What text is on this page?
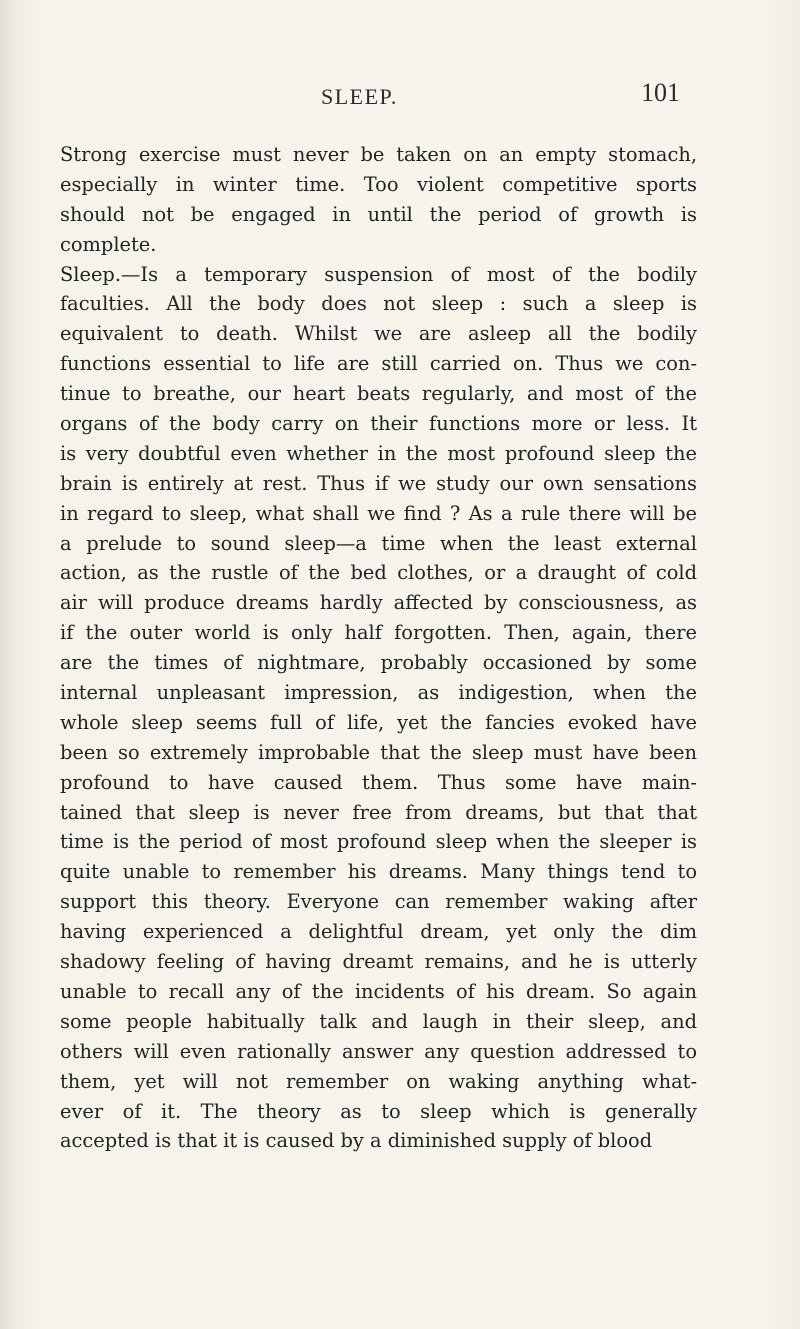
SLEEP.	101
Strong exercise must never be taken on an empty stomach,
especially in winter time. Too violent competitive sports
should not be engaged in until the period of growth is
complete.
Sleep.—Is a temporary suspension of most of the bodily
faculties. All the body does not sleep : such a sleep is
equivalent to death. Whilst we are asleep all the bodily
functions essential to life are still carried on. Thus we con-
tinue to breathe, our heart beats regularly, and most of the
organs of the body carry on their functions more or less. It
is very doubtful even whether in the most profound sleep the
brain is entirely at rest. Thus if we study our own sensations
in regard to sleep, what shall we find ? As a rule there will be
a prelude to sound sleep—a time when the least external
action, as the rustle of the bed clothes, or a draught of cold
air will produce dreams hardly affected by consciousness, as
if the outer world is only half forgotten. Then, again, there
are the times of nightmare, probably occasioned by some
internal unpleasant impression, as indigestion, when the
whole sleep seems full of life, yet the fancies evoked have
been so extremely improbable that the sleep must have been
profound to have caused them. Thus some have main-
tained that sleep is never free from dreams, but that that
time is the period of most profound sleep when the sleeper is
quite unable to remember his dreams. Many things tend to
support this theory. Everyone can remember waking after
having experienced a delightful dream, yet only the dim
shadowy feeling of having dreamt remains, and he is utterly
unable to recall any of the incidents of his dream. So again
some people habitually talk and laugh in their sleep, and
others will even rationally answer any question addressed to
them, yet will not remember on waking anything what-
ever of it. The theory as to sleep which is generally
accepted is that it is caused by a diminished supply of blood
